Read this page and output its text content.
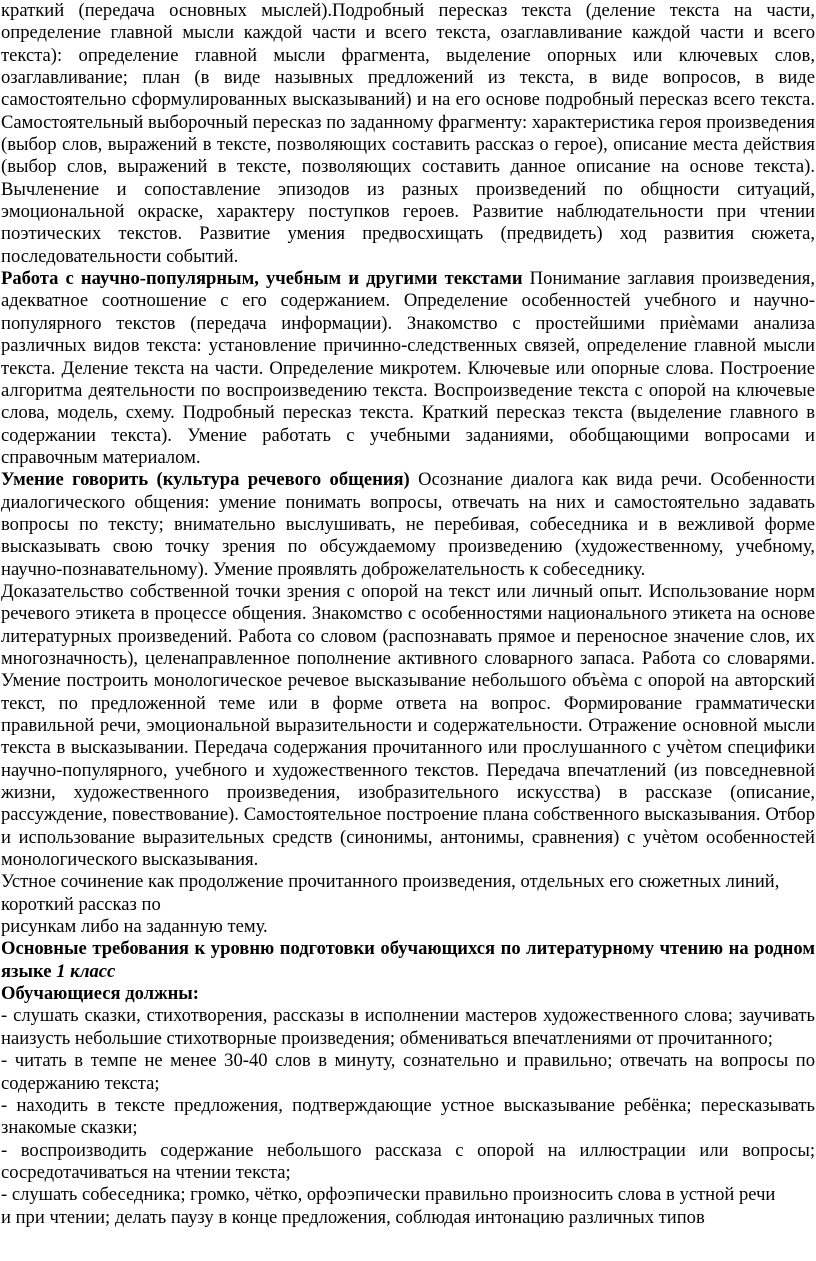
краткий (передача основных мыслей).Подробный пересказ текста (деление текста на части, определение главной мысли каждой части и всего текста, озаглавливание каждой части и всего текста): определение главной мысли фрагмента, выделение опорных или ключевых слов, озаглавливание; план (в виде назывных предложений из текста, в виде вопросов, в виде самостоятельно сформулированных высказываний) и на его основе подробный пересказ всего текста. Самостоятельный выборочный пересказ по заданному фрагменту: характеристика героя произведения (выбор слов, выражений в тексте, позволяющих составить рассказ о герое), описание места действия (выбор слов, выражений в тексте, позволяющих составить данное описание на основе текста). Вычленение и сопоставление эпизодов из разных произведений по общности ситуаций, эмоциональной окраске, характеру поступков героев. Развитие наблюдательности при чтении поэтических текстов. Развитие умения предвосхищать (предвидеть) ход развития сюжета, последовательности событий.

Работа с научно-популярным, учебным и другими текстами Понимание заглавия произведения, адекватное соотношение с его содержанием. Определение особенностей учебного и научно-популярного текстов (передача информации). Знакомство с простейшими приѐмами анализа различных видов текста: установление причинно-следственных связей, определение главной мысли текста. Деление текста на части. Определение микротем. Ключевые или опорные слова. Построение алгоритма деятельности по воспроизведению текста. Воспроизведение текста с опорой на ключевые слова, модель, схему. Подробный пересказ текста. Краткий пересказ текста (выделение главного в содержании текста). Умение работать с учебными заданиями, обобщающими вопросами и справочным материалом.

Умение говорить (культура речевого общения) Осознание диалога как вида речи. Особенности диалогического общения: умение понимать вопросы, отвечать на них и самостоятельно задавать вопросы по тексту; внимательно выслушивать, не перебивая, собеседника и в вежливой форме высказывать свою точку зрения по обсуждаемому произведению (художественному, учебному, научно-познавательному). Умение проявлять доброжелательность к собеседнику.

Доказательство собственной точки зрения с опорой на текст или личный опыт. Использование норм речевого этикета в процессе общения. Знакомство с особенностями национального этикета на основе литературных произведений. Работа со словом (распознавать прямое и переносное значение слов, их многозначность), целенаправленное пополнение активного словарного запаса. Работа со словарями. Умение построить монологическое речевое высказывание небольшого объѐма с опорой на авторский текст, по предложенной теме или в форме ответа на вопрос. Формирование грамматически правильной речи, эмоциональной выразительности и содержательности. Отражение основной мысли текста в высказывании. Передача содержания прочитанного или прослушанного с учѐтом специфики научно-популярного, учебного и художественного текстов. Передача впечатлений (из повседневной жизни, художественного произведения, изобразительного искусства) в рассказе (описание, рассуждение, повествование). Самостоятельное построение плана собственного высказывания. Отбор и использование выразительных средств (синонимы, антонимы, сравнения) с учѐтом особенностей монологического высказывания.

Устное сочинение как продолжение прочитанного произведения, отдельных его сюжетных линий, короткий рассказ по
рисункам либо на заданную тему.

Основные требования к уровню подготовки обучающихся по литературному чтению на родном языке 1 класс

Обучающиеся должны:

- слушать сказки, стихотворения, рассказы в исполнении мастеров художественного слова; заучивать наизусть небольшие стихотворные произведения; обмениваться впечатлениями от прочитанного;

- читать в темпе не менее 30-40 слов в минуту, сознательно и правильно; отвечать на вопросы по содержанию текста;

- находить в тексте предложения, подтверждающие устное высказывание ребёнка; пересказывать знакомые сказки;

- воспроизводить содержание небольшого рассказа с опорой на иллюстрации или вопросы; сосредотачиваться на чтении текста;

- слушать собеседника; громко, чётко, орфоэпически правильно произносить слова в устной речи
и при чтении; делать паузу в конце предложения, соблюдая интонацию различных типов
